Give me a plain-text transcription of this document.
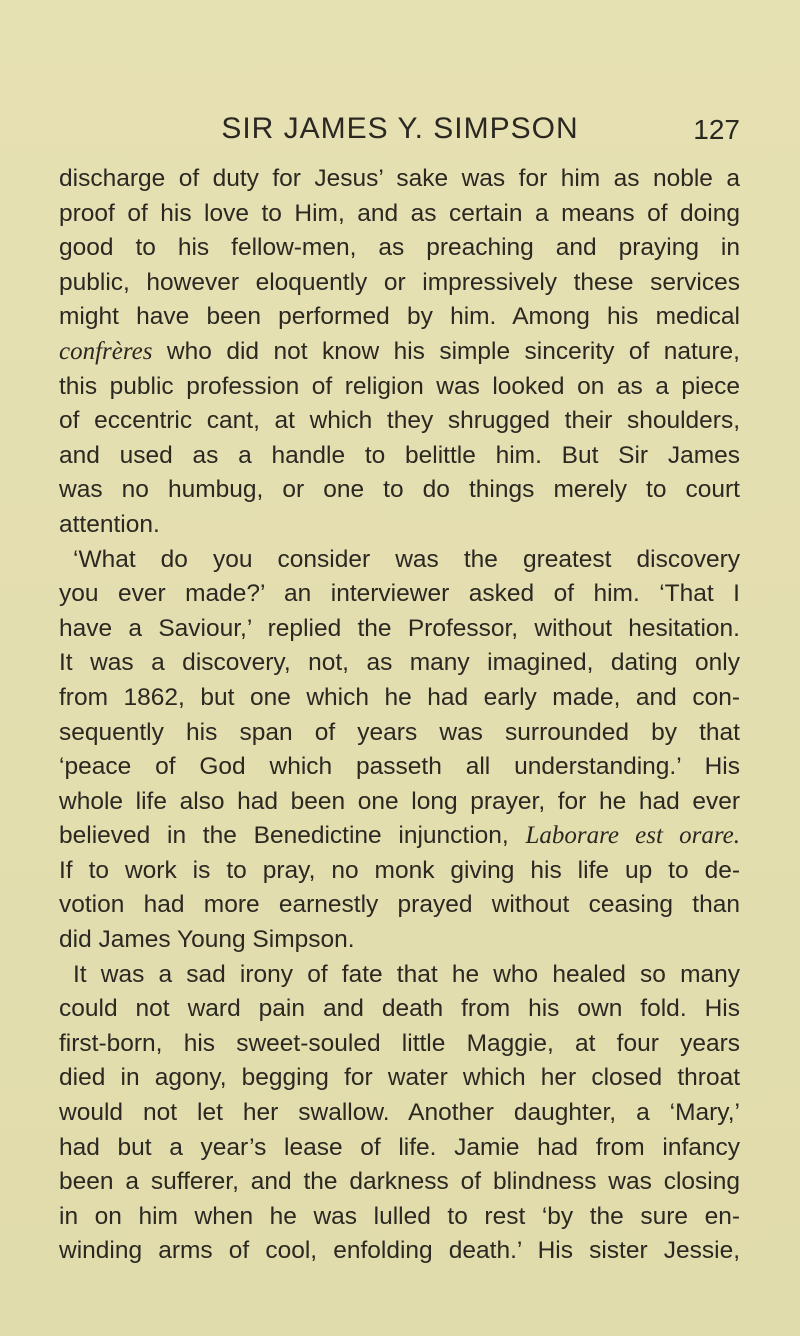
SIR JAMES Y. SIMPSON	127
discharge of duty for Jesus’ sake was for him as noble a
proof of his love to Him, and as certain a means of doing
good to his fellow-men, as preaching and praying in
public, however eloquently or impressively these services
might have been performed by him. Among his medical
confrères who did not know his simple sincerity of nature,
this public profession of religion was looked on as a piece
of eccentric cant, at which they shrugged their shoulders,
and used as a handle to belittle him. But Sir James
was no humbug, or one to do things merely to court
attention.
‘What do you consider was the greatest discovery
you ever made?’ an interviewer asked of him. ‘That I
have a Saviour,’ replied the Professor, without hesitation.
It was a discovery, not, as many imagined, dating only
from 1862, but one which he had early made, and con-
sequently his span of years was surrounded by that
‘peace of God which passeth all understanding.’ His
whole life also had been one long prayer, for he had ever
believed in the Benedictine injunction, Laborare est orare.
If to work is to pray, no monk giving his life up to de-
votion had more earnestly prayed without ceasing than
did James Young Simpson.
It was a sad irony of fate that he who healed so many
could not ward pain and death from his own fold. His
first-born, his sweet-souled little Maggie, at four years
died in agony, begging for water which her closed throat
would not let her swallow. Another daughter, a ‘Mary,’
had but a year’s lease of life. Jamie had from infancy
been a sufferer, and the darkness of blindness was closing
in on him when he was lulled to rest ‘by the sure en-
winding arms of cool, enfolding death.’ His sister Jessie,
